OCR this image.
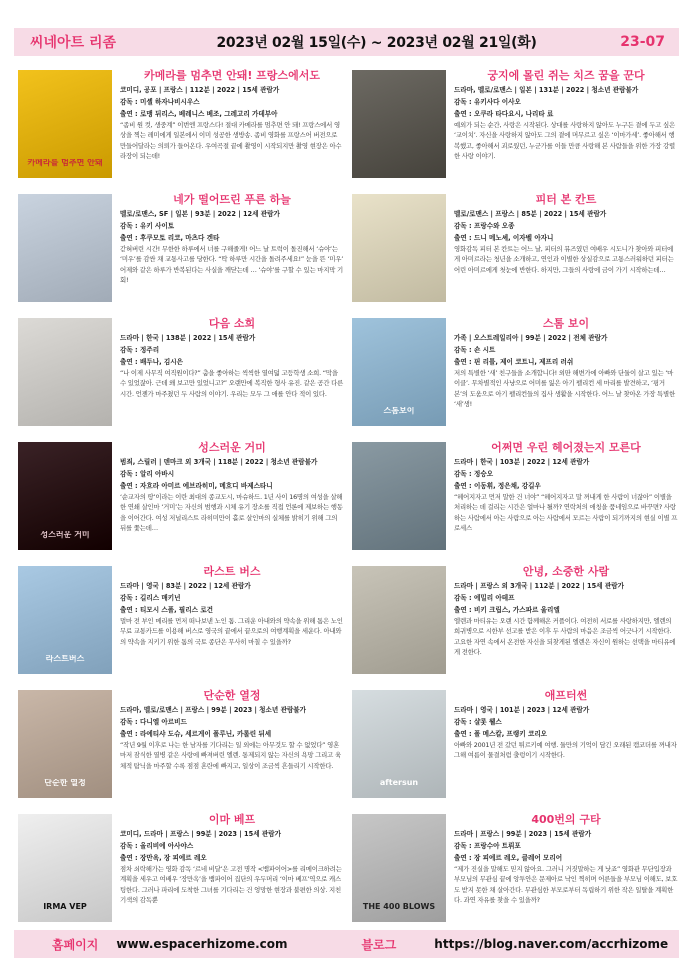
씨네아트 리좀	2023년 02월 15일(수) ~ 2023년 02월 21일(화)	23-07
카메라를 멈추면 안돼
카메라를 멈추면 안돼! 프랑스에서도
코미디, 공포 | 프랑스 | 112분 | 2022 | 15세 관람가
감독 : 미셸 하자나비시우스
출연 : 로맹 뒤리스, 베레니스 베조, 그레고리 가데부아
“좀비 원 컷, 생중계” 이번엔 프랑스다! 절대 카메라를 멈추면 안 돼! 프랑스에서 영상을 찍는 레미에게 일본에서 이미 성공한 생방송. 좀비 영화를 프랑스어 버전으로 만들어달라는 의뢰가 들어온다. 우여곡절 끝에 촬영이 시작되지만 촬영 현장은 아수라장이 되는데!
궁지에 몰린 쥐는 치즈 꿈을 꾼다
드라마, 멜로/로맨스 | 일본 | 131분 | 2022 | 청소년 관람불가
감독 : 유키사다 이사오
출연 : 오쿠라 타다요시, 나리타 료
예외가 되는 순간, 사랑은 시작된다. 상대를 사랑하지 않아도 누구든 곁에 두고 싶은 ‘교이치’. 자신을 사랑하지 않아도 그의 곁에 머무르고 싶은 ‘이마가세’. 좋아해서 행복했고, 좋아해서 괴로웠던, 누군가를 이들 만큼 사랑해 본 사람들을 위한 가장 강렬한 사랑 이야기.
네가 떨어뜨린 푸른 하늘
멜로/로맨스, SF | 일본 | 93분 | 2022 | 12세 관람가
감독 : 유키 사이토
출연 : 후쿠모토 리코, 마츠다 겐타
갇혀버린 시간! 무한한 하루에서 너를 구해줄게! 어느 날 트럭이 돌진해서 ‘슈야’는 ‘미우’를 감싼 채 교통사고를 당한다. “딱 하루만 시간을 돌려주세요!” 눈을 뜬 ‘미우’ 어제와 같은 하루가 반복된다는 사실을 깨닫는데 … ‘슈야’를 구할 수 있는 마지막 기회!
피터 본 칸트
멜로/로맨스 | 프랑스 | 85분 | 2022 | 15세 관람가
감독 : 프랑수와 오종
출연 : 드니 메노셰, 이자벨 아자니
영화감독 피터 본 칸트는 어느 날, 피터의 뮤즈였던 여배우 시도니가 찾아와 피터에게 아미르라는 청년을 소개하고, 연인과 이별한 상실감으로 고통스러워하던 피터는 어린 아미르에게 첫눈에 반한다. 하지만, 그들의 사랑에 금이 가기 시작하는데…
다음 소희
드라마 | 한국 | 138분 | 2022 | 15세 관람가
감독 : 정주리
출연 : 배두나, 김시은
“나 이제 사무직 여직원이다?” 춤을 좋아하는 씩씩한 열여덟 고등학생 소희. “막을 수 있었잖아. 근데 왜 보고만 있었니고?” 오랜만에 복직한 형사 유진. 같은 공간 다른 시간. 언젠가 마주쳤던 두 사람의 이야기. 우리는 모두 그 애를 안다 적이 있다.
스톰보이
스톰 보이
가족 | 오스트레일리아 | 99분 | 2022 | 전체 관람가
감독 : 숀 시트
출연 : 핀 리틀, 제이 코트니, 제프리 러쉬
저의 특별한 ‘새’ 친구들을 소개합니다! 외딴 해변가에 아빠와 단둘이 살고 있는 ‘마이클’. 무차별적인 사냥으로 어미를 잃은 아기 펠리컨 세 마리를 발견하고, ‘핑거본’의 도움으로 아기 펠리컨들의 집사 생활을 시작한다. 어느 날 찾아온 가장 특별한 ‘새’생!
성스러운 거미
성스러운 거미
범죄, 스릴러 | 덴마크 외 3개국 | 118분 | 2022 | 청소년 관람불가
감독 : 알리 아바시
출연 : 자흐라 아미르 에브라히미, 메흐디 바제스타니
‘순교자의 땅’이라는 이란 최대의 종교도시, 마슈하드. 1년 사이 16명의 여성을 살해한 연쇄 살인마 ‘거미’는 자신의 범행과 시체 유기 장소를 직접 언론에 제보하는 행동을 이어간다. 여성 저널리스트 라히미만이 홀로 살인마의 실체를 밝히기 위해 그의 뒤를 쫓는데…
어쩌면 우린 헤어졌는지 모른다
드라마 | 한국 | 103분 | 2022 | 12세 관람가
감독 : 정승오
출연 : 이동휘, 정은채, 강길우
“헤어지자고 먼저 말한 건 너야” “헤어지자고 말 꺼내게 한 사람이 너잖아” 이별을 처리하는 데 걸리는 시간은 얼마나 될까? 연락처의 애칭을 품네임으로 바꾸면? 사랑하는 사람에서 아는 사람으로 아는 사람에서 모르는 사람이 되기까지의 현실 이별 프로세스
라스트버스
라스트 버스
드라마 | 영국 | 83분 | 2022 | 12세 관람가
감독 : 길리스 매키넌
출연 : 티모시 스폴, 필리스 로건
멀마 전 부인 메리를 먼저 떠나보낸 노인 톰. 그리운 아내와의 약속을 위해 톰은 노인 무료 교통카드를 이용해 버스로 영국의 끝에서 끝으로의 여행계획을 세운다. 아내와의 약속을 지키기 위한 톰의 국토 종단은 무사히 마칠 수 있을까?
안녕, 소중한 사람
드라마 | 프랑스 외 3개국 | 112분 | 2022 | 15세 관람가
감독 : 에밀리 아테프
출연 : 비키 크립스, 가스파르 울리엘
엘렌과 마티유는 오랜 시간 함께해온 커플이다. 여전히 서로를 사랑하지만, 엘렌의 희귀병으로 시한부 선고를 받은 이후 두 사람의 마음은 조금씩 어긋나기 시작한다. 고요한 자연 속에서 온전한 자신을 되찾게된 엘렌은 자신이 원하는 선택을 마티유에게 전한다.
단순한 열정
단순한 열정
드라마, 멜로/로맨스 | 프랑스 | 99분 | 2023 | 청소년 관람불가
감독 : 다니엘 아르비드
출연 : 라에티샤 도슈, 세르게이 폴루닌, 카롤린 뒤세
“작년 9월 이후로 나는 한 남자를 기다리는 일 외에는 아무것도 할 수 없었다” 영혼마저 잠식한 열병 같은 사랑에 빠져버린 엘렌. 통제되지 않는 자신의 욕망 그리고 육체적 탐닉을 마주할 수록 점점 혼란에 빠지고, 일상이 조금씩 흔들리기 시작한다.
aftersun
애프터썬
드라마 | 영국 | 101분 | 2023 | 12세 관람가
감독 : 샬롯 웰스
출연 : 폴 메스칼, 프랭키 코리오
아빠와 2001년 전 갔던 튀르키예 여행. 둘만의 기억이 담긴 오래된 캠코더를 꺼내자 그해 여름이 물결처럼 출렁이기 시작한다.
IRMA VEP
이마 베프
코미디, 드라마 | 프랑스 | 99분 | 2023 | 15세 관람가
감독 : 올리비에 아사야스
출연 : 장만옥, 장 피에르 레오
점차 쇠락해가는 영화 감독 ‘르네 비달’은 고전 명작 <뱀파이어>를 리메이크하려는 계획을 세우고 여배우 ‘장만옥’을 뱀파이어 집단의 우두머리 ‘이마 베프’역으로 캐스팅한다. 그러나 파리에 도착한 그녀를 기다리는 건 엉망한 현장과 불편한 의상. 지친 기색의 감독뿐
THE 400 BLOWS
400번의 구타
드라마 | 프랑스 | 99분 | 2023 | 15세 관람가
감독 : 프랑수아 트뤼포
출연 : 장 피에르 레오, 클레어 모리어
“제가 진실을 말해도 믿지 않아요. 그러니 거짓말하는 게 낫죠” 영화관 무단입장과 부모님의 무관심 끝에 앙투안은 문제아로 낙인 찍히며 어른들을 부모님 이해도, 보호도 받지 못한 채 살아간다. 무관심한 부모로부터 독립하기 위한 작은 일탈을 계획한다. 과연 자유를 찾을 수 있을까?
홈페이지 www.espacerhizome.com	블로그	https://blog.naver.com/accrhizome
